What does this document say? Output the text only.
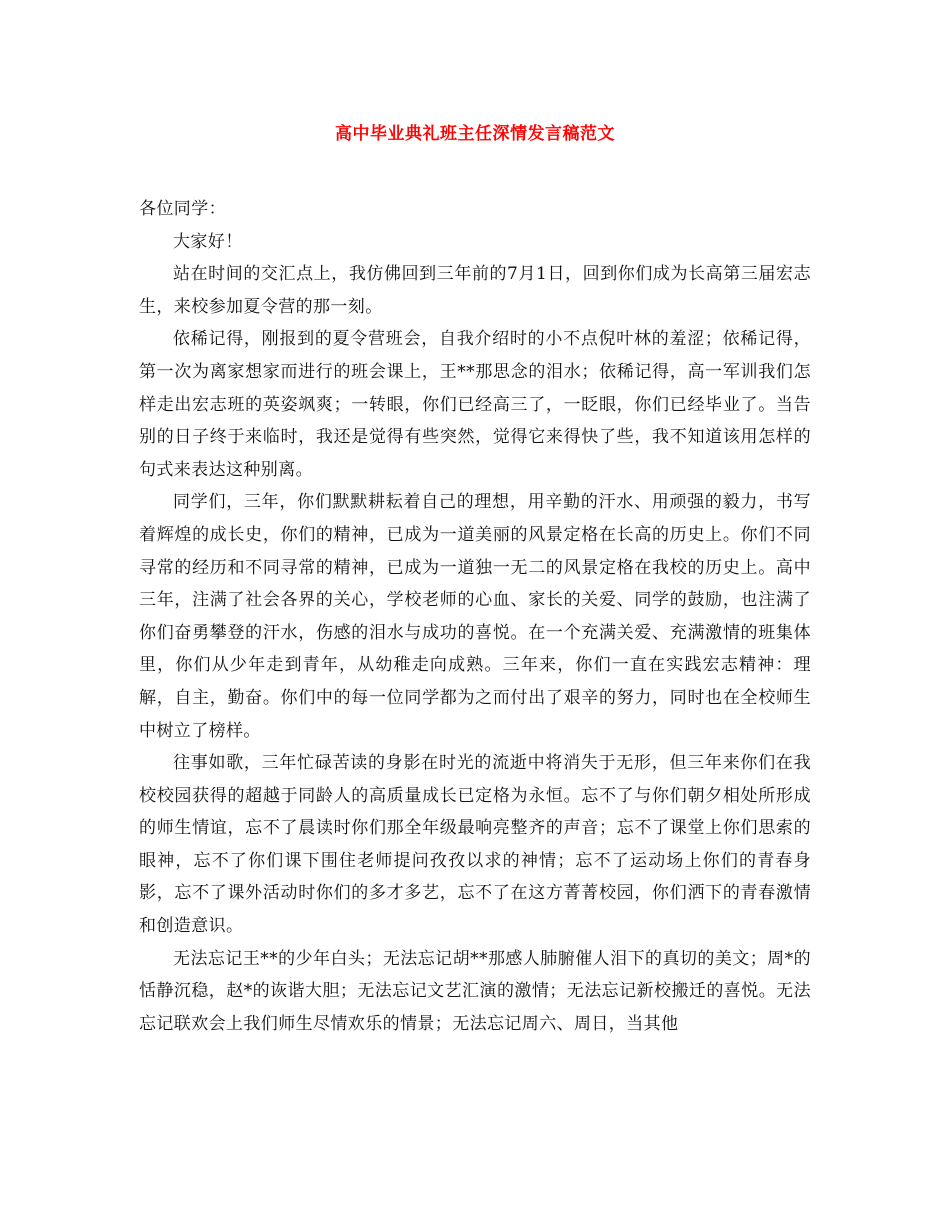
高中毕业典礼班主任深情发言稿范文

各位同学：

大家好！

站在时间的交汇点上，我仿佛回到三年前的7月1日，回到你们成为长高第三届宏志生，来校参加夏令营的那一刻。

依稀记得，刚报到的夏令营班会，自我介绍时的小不点倪叶林的羞涩；依稀记得，第一次为离家想家而进行的班会课上，王**那思念的泪水；依稀记得，高一军训我们怎样走出宏志班的英姿飒爽；一转眼，你们已经高三了，一眨眼，你们已经毕业了。当告别的日子终于来临时，我还是觉得有些突然，觉得它来得快了些，我不知道该用怎样的句式来表达这种别离。

同学们，三年，你们默默耕耘着自己的理想，用辛勤的汗水、用顽强的毅力，书写着辉煌的成长史，你们的精神，已成为一道美丽的风景定格在长高的历史上。你们不同寻常的经历和不同寻常的精神，已成为一道独一无二的风景定格在我校的历史上。高中三年，注满了社会各界的关心，学校老师的心血、家长的关爱、同学的鼓励，也注满了你们奋勇攀登的汗水，伤感的泪水与成功的喜悦。在一个充满关爱、充满激情的班集体里，你们从少年走到青年，从幼稚走向成熟。三年来，你们一直在实践宏志精神：理解，自主，勤奋。你们中的每一位同学都为之而付出了艰辛的努力，同时也在全校师生中树立了榜样。

往事如歌，三年忙碌苦读的身影在时光的流逝中将消失于无形，但三年来你们在我校校园获得的超越于同龄人的高质量成长已定格为永恒。忘不了与你们朝夕相处所形成的师生情谊，忘不了晨读时你们那全年级最响亮整齐的声音；忘不了课堂上你们思索的眼神，忘不了你们课下围住老师提问孜孜以求的神情；忘不了运动场上你们的青春身影，忘不了课外活动时你们的多才多艺，忘不了在这方菁菁校园，你们洒下的青春激情和创造意识。

无法忘记王**的少年白头；无法忘记胡**那感人肺腑催人泪下的真切的美文；周*的恬静沉稳，赵*的诙谐大胆；无法忘记文艺汇演的激情；无法忘记新校搬迁的喜悦。无法忘记联欢会上我们师生尽情欢乐的情景；无法忘记周六、周日，当其他
